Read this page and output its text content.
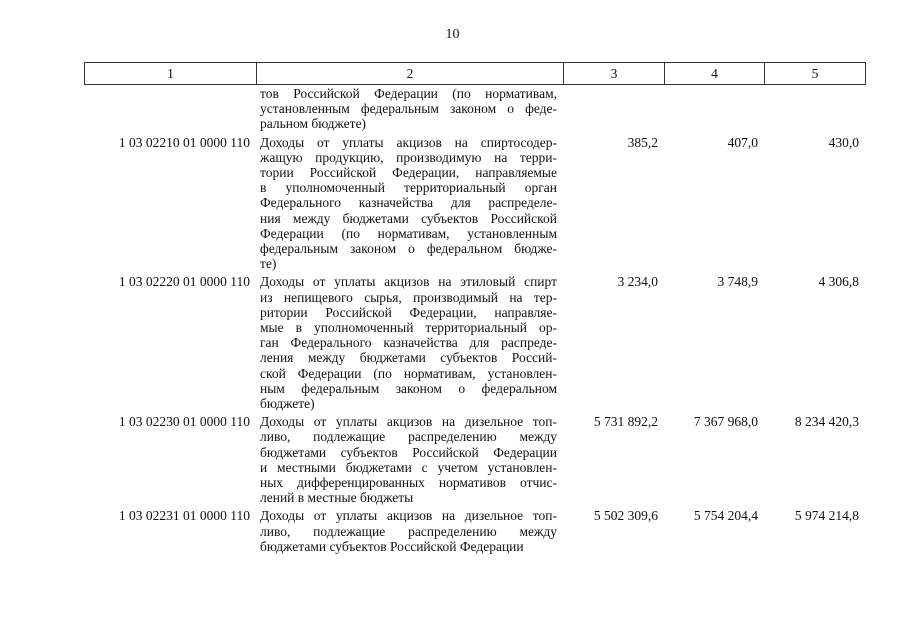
10
1	2	3	4	5
тов Российской Федерации (по нормативам,
установленным федеральным законом о феде-
ральном бюджете)
1 03 02210 01 0000 110 Доходы от уплаты акцизов на спиртосодер-
жащую продукцию, производимую на терри-
тории Российской Федерации, направляемые
в уполномоченный территориальный орган
Федерального казначейства для распределе-
ния между бюджетами субъектов Российской
Федерации (по нормативам, установленным
федеральным законом о федеральном бюдже-
те)
385,2	407,0	430,0
1 03 02220 01 0000 110 Доходы от уплаты акцизов на этиловый спирт
из непищевого сырья, производимый на тер-
ритории Российской Федерации, направляе-
мые в уполномоченный территориальный ор-
ган Федерального казначейства для распреде-
ления между бюджетами субъектов Россий-
ской Федерации (по нормативам, установлен-
ным федеральным законом о федеральном
бюджете)
3 234,0	3 748,9	4 306,8
1 03 02230 01 0000 110 Доходы от уплаты акцизов на дизельное топ-
ливо, подлежащие распределению между
бюджетами субъектов Российской Федерации
и местными бюджетами с учетом установлен-
ных дифференцированных нормативов отчис-
лений в местные бюджеты
5 731 892,2	7 367 968,0	8 234 420,3
1 03 02231 01 0000 110 Доходы от уплаты акцизов на дизельное топ-
ливо, подлежащие распределению между
бюджетами субъектов Российской Федерации
5 502 309,6	5 754 204,4	5 974 214,8
